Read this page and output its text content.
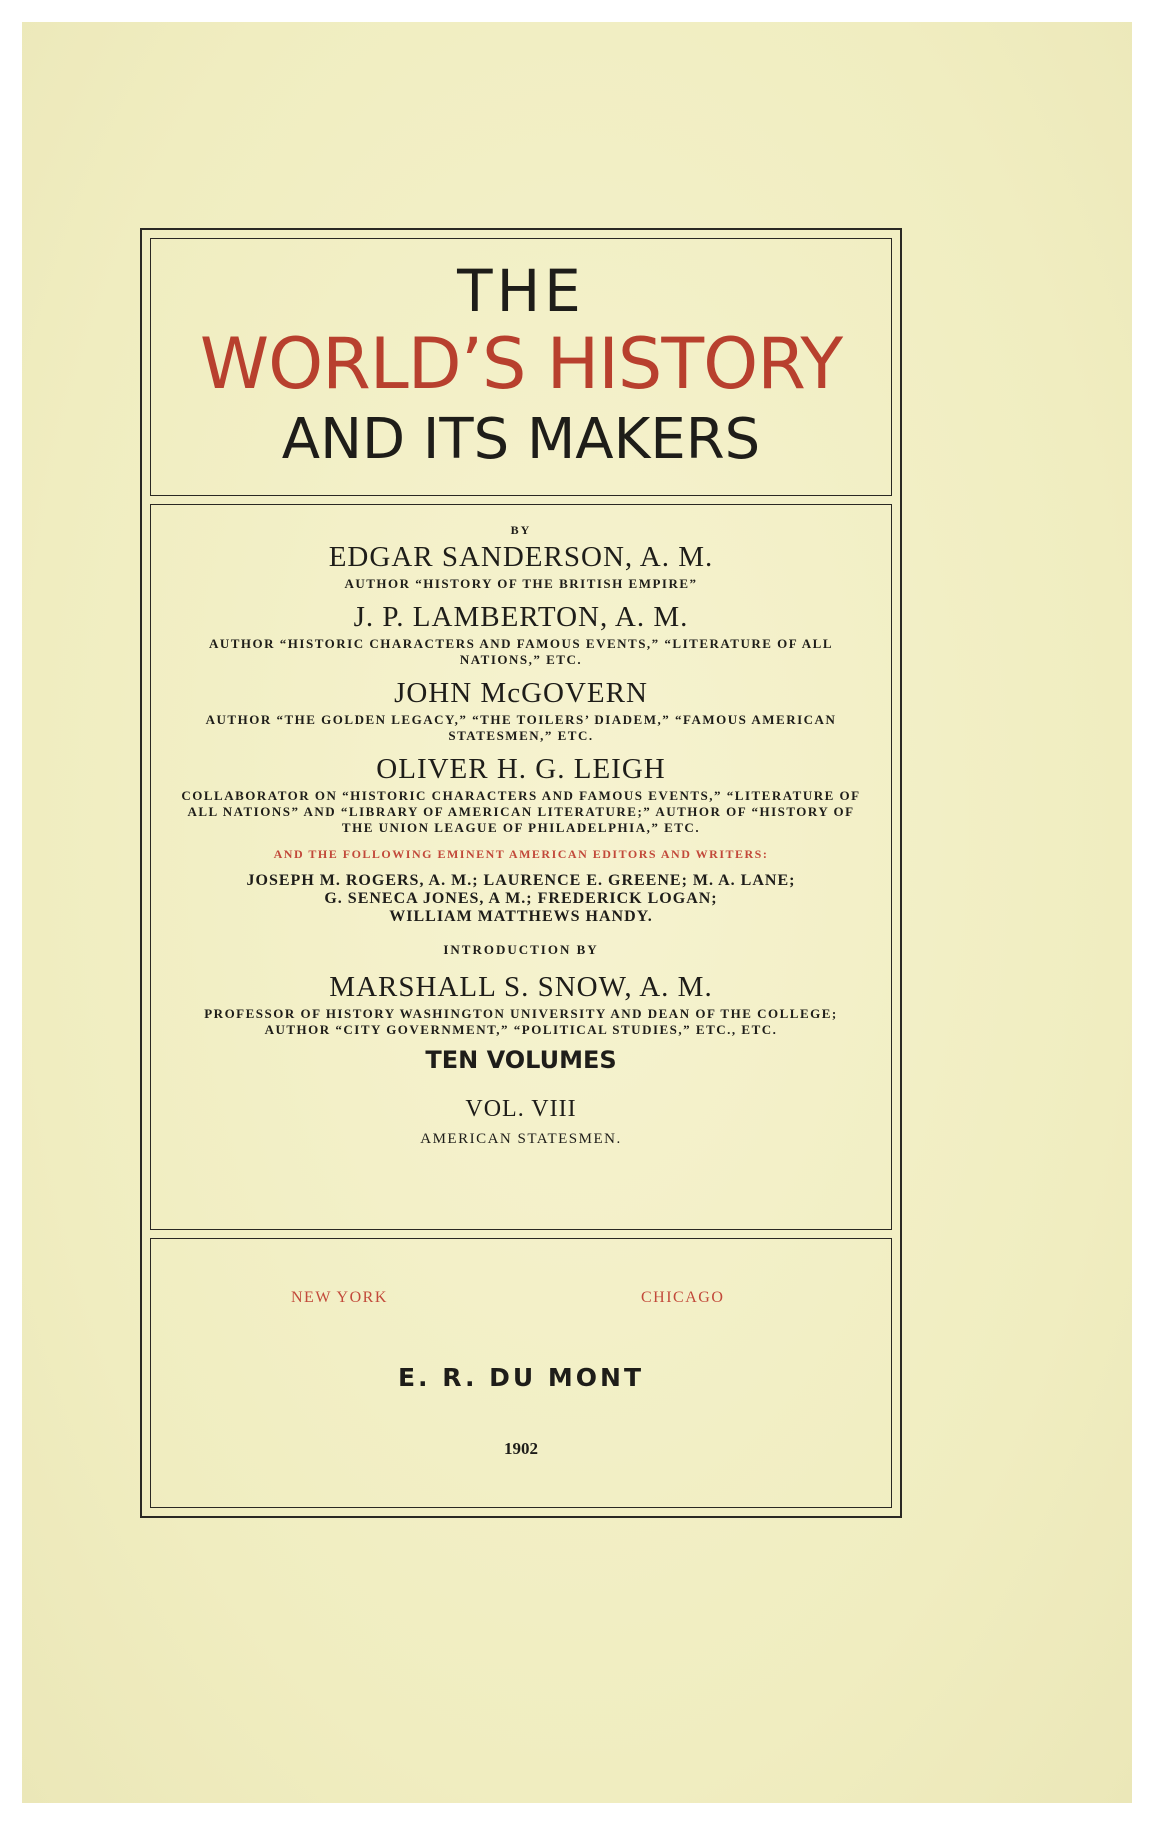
THE
WORLD’S HISTORY
AND ITS MAKERS
BY
EDGAR SANDERSON, A. M.
AUTHOR “HISTORY OF THE BRITISH EMPIRE”
J. P. LAMBERTON, A. M.
AUTHOR “HISTORIC CHARACTERS AND FAMOUS EVENTS,” “LITERATURE OF ALL NATIONS,” ETC.
JOHN McGOVERN
AUTHOR “THE GOLDEN LEGACY,” “THE TOILERS’ DIADEM,” “FAMOUS AMERICAN STATESMEN,” ETC.
OLIVER H. G. LEIGH
COLLABORATOR ON “HISTORIC CHARACTERS AND FAMOUS EVENTS,” “LITERATURE OF ALL NATIONS” AND “LIBRARY OF AMERICAN LITERATURE;” AUTHOR OF “HISTORY OF THE UNION LEAGUE OF PHILADELPHIA,” ETC.
AND THE FOLLOWING EMINENT AMERICAN EDITORS AND WRITERS:
JOSEPH M. ROGERS, A. M.; LAURENCE E. GREENE; M. A. LANE;
G. SENECA JONES, A M.; FREDERICK LOGAN;
WILLIAM MATTHEWS HANDY.
INTRODUCTION BY
MARSHALL S. SNOW, A. M.
PROFESSOR OF HISTORY WASHINGTON UNIVERSITY AND DEAN OF THE COLLEGE; AUTHOR “CITY GOVERNMENT,” “POLITICAL STUDIES,” ETC., ETC.
TEN VOLUMES
VOL. VIII
AMERICAN STATESMEN.
NEW YORK	CHICAGO
E. R. DU MONT
1902
